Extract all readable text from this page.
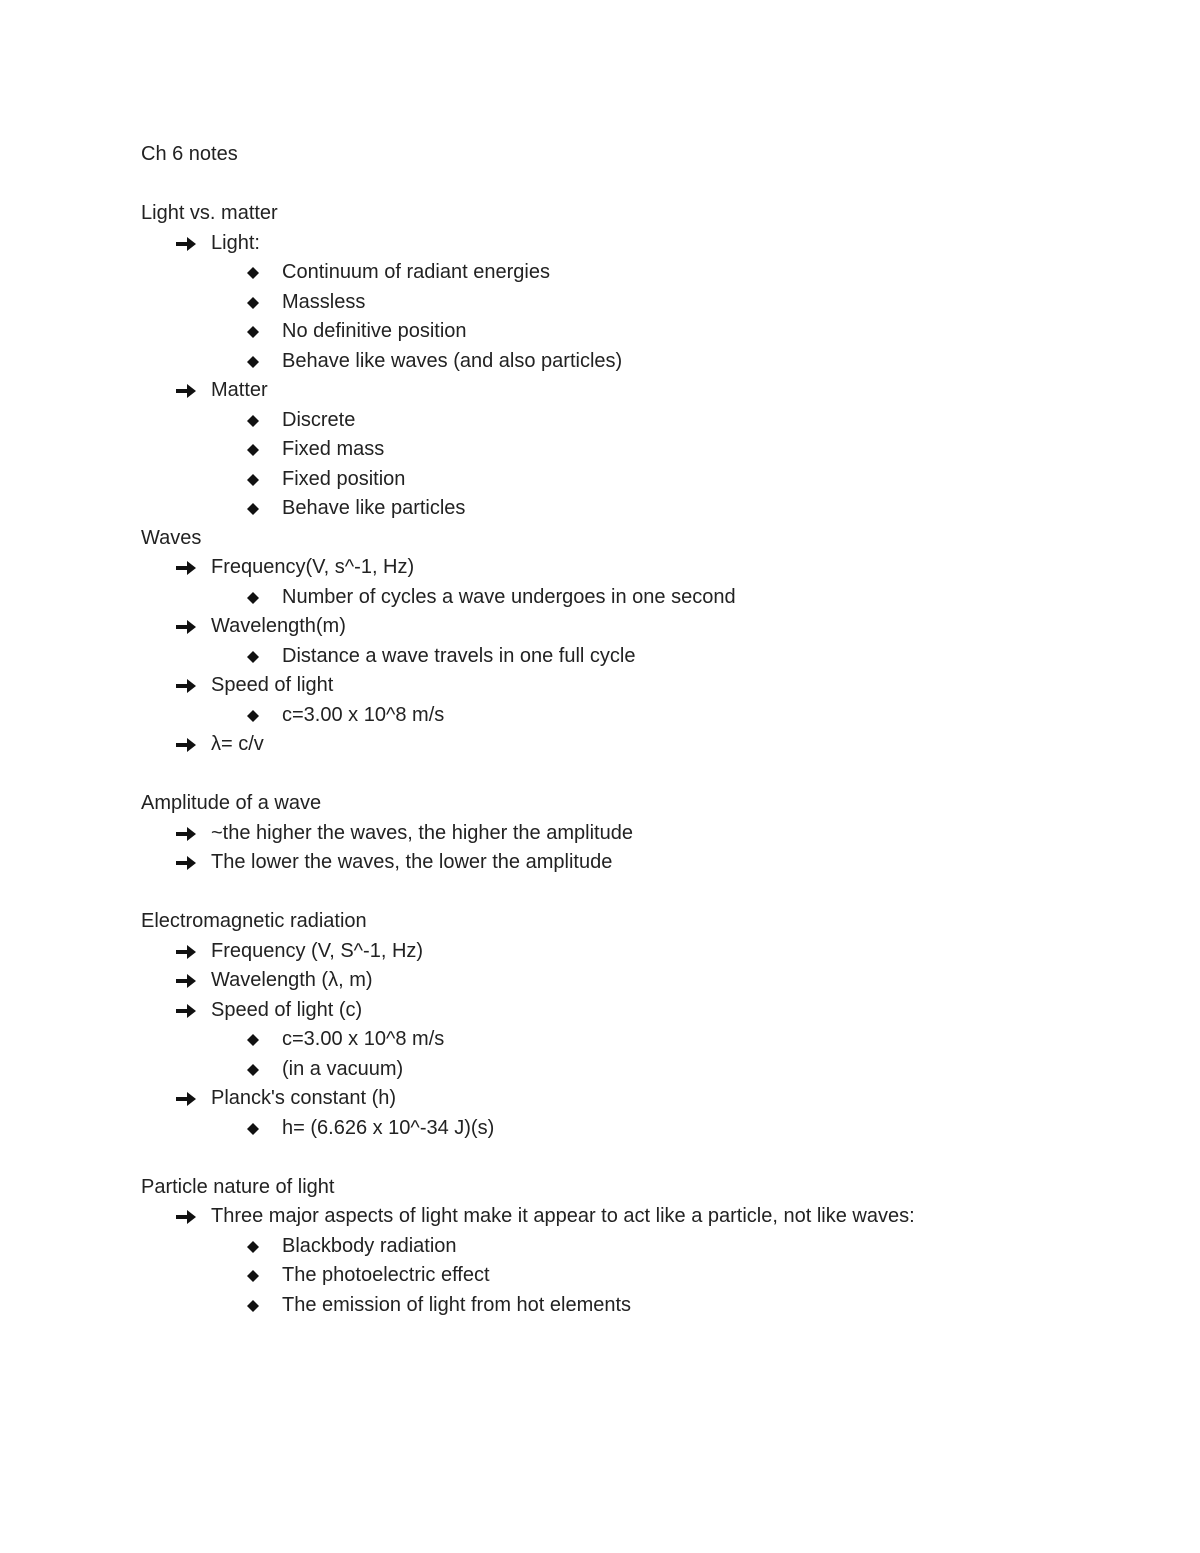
Ch 6 notes
Light vs. matter
Light:
Continuum of radiant energies
Massless
No definitive position
Behave like waves (and also particles)
Matter
Discrete
Fixed mass
Fixed position
Behave like particles
Waves
Frequency(V, s^-1, Hz)
Number of cycles a wave undergoes in one second
Wavelength(m)
Distance a wave travels in one full cycle
Speed of light
c=3.00 x 10^8 m/s
λ= c/v
Amplitude of a wave
~the higher the waves, the higher the amplitude
The lower the waves, the lower the amplitude
Electromagnetic radiation
Frequency (V, S^-1, Hz)
Wavelength (λ, m)
Speed of light (c)
c=3.00 x 10^8 m/s
(in a vacuum)
Planck's constant (h)
h= (6.626 x 10^-34 J)(s)
Particle nature of light
Three major aspects of light make it appear to act like a particle, not like waves:
Blackbody radiation
The photoelectric effect
The emission of light from hot elements
